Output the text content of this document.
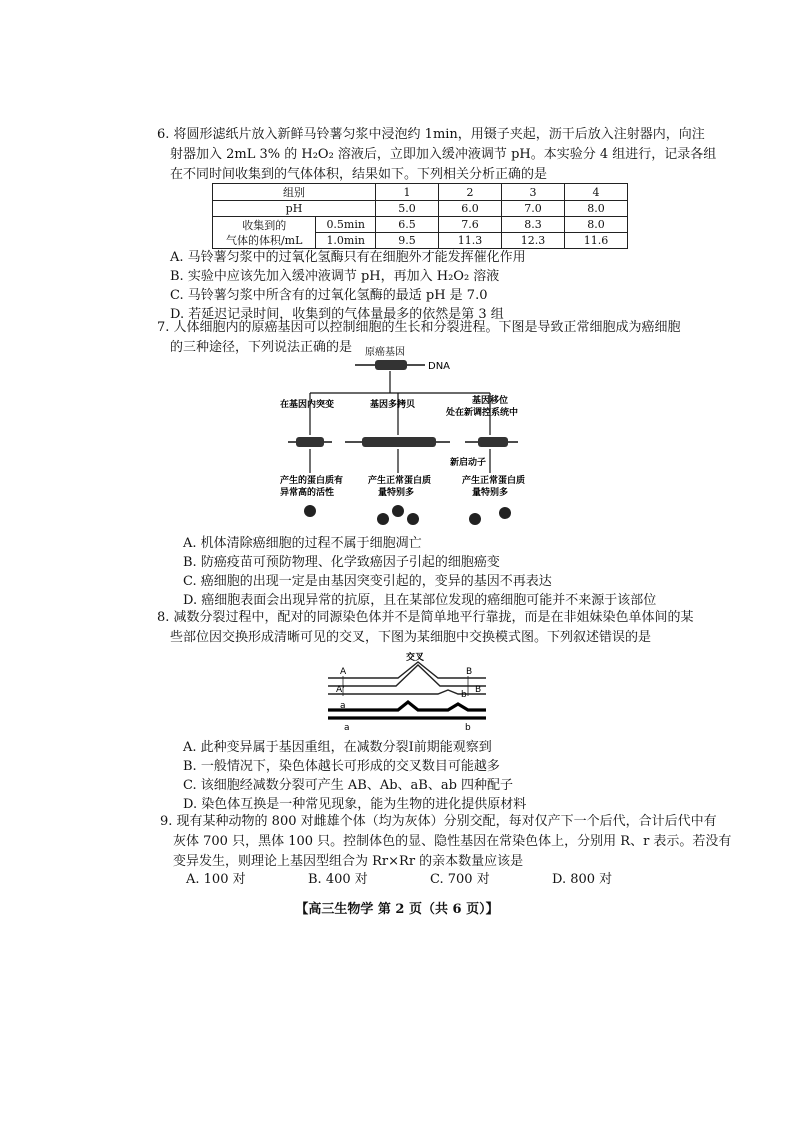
6. 将圆形滤纸片放入新鲜马铃薯匀浆中浸泡约 1min，用镊子夹起，沥干后放入注射器内，向注
射器加入 2mL 3% 的 H₂O₂ 溶液后，立即加入缓冲液调节 pH。本实验分 4 组进行，记录各组
在不同时间收集到的气体体积，结果如下。下列相关分析正确的是
组别		1	2	3	4
pH		5.0	6.0	7.0	8.0

收集到的
气体的体积/mL	0.5min	6.5	7.6	8.3	8.0
	1.0min	9.5	11.3	12.3	11.6
A. 马铃薯匀浆中的过氧化氢酶只有在细胞外才能发挥催化作用
B. 实验中应该先加入缓冲液调节 pH，再加入 H₂O₂ 溶液
C. 马铃薯匀浆中所含有的过氧化氢酶的最适 pH 是 7.0
D. 若延迟记录时间，收集到的气体量最多的依然是第 3 组
7. 人体细胞内的原癌基因可以控制细胞的生长和分裂进程。下图是导致正常细胞成为癌细胞
的三种途径，下列说法正确的是	原癌基因
DNA
在基因内突变	基因多拷贝	基因移位
处在新调控系统中
新启动子
产生的蛋白质有
异常高的活性
产生正常蛋白质
量特别多
产生正常蛋白质
量特别多
A. 机体清除癌细胞的过程不属于细胞凋亡
B. 防癌疫苗可预防物理、化学致癌因子引起的细胞癌变
C. 癌细胞的出现一定是由基因突变引起的，变异的基因不再表达
D. 癌细胞表面会出现异常的抗原，且在某部位发现的癌细胞可能并不来源于该部位
8. 减数分裂过程中，配对的同源染色体并不是简单地平行靠拢，而是在非姐妹染色单体间的某
些部位因交换形成清晰可见的交叉，下图为某细胞中交换模式图。下列叙述错误的是
交叉
A
A'
a
a
B
b B
b
A. 此种变异属于基因重组，在减数分裂Ⅰ前期能观察到
B. 一般情况下，染色体越长可形成的交叉数目可能越多
C. 该细胞经减数分裂可产生 AB、Ab、aB、ab 四种配子
D. 染色体互换是一种常见现象，能为生物的进化提供原材料
9. 现有某种动物的 800 对雌雄个体（均为灰体）分别交配，每对仅产下一个后代，合计后代中有
灰体 700 只，黑体 100 只。控制体色的显、隐性基因在常染色体上，分别用 R、r 表示。若没有
变异发生，则理论上基因型组合为 Rr×Rr 的亲本数量应该是
A. 100 对	B. 400 对	C. 700 对	D. 800 对
【高三生物学 第 2 页（共 6 页）】
